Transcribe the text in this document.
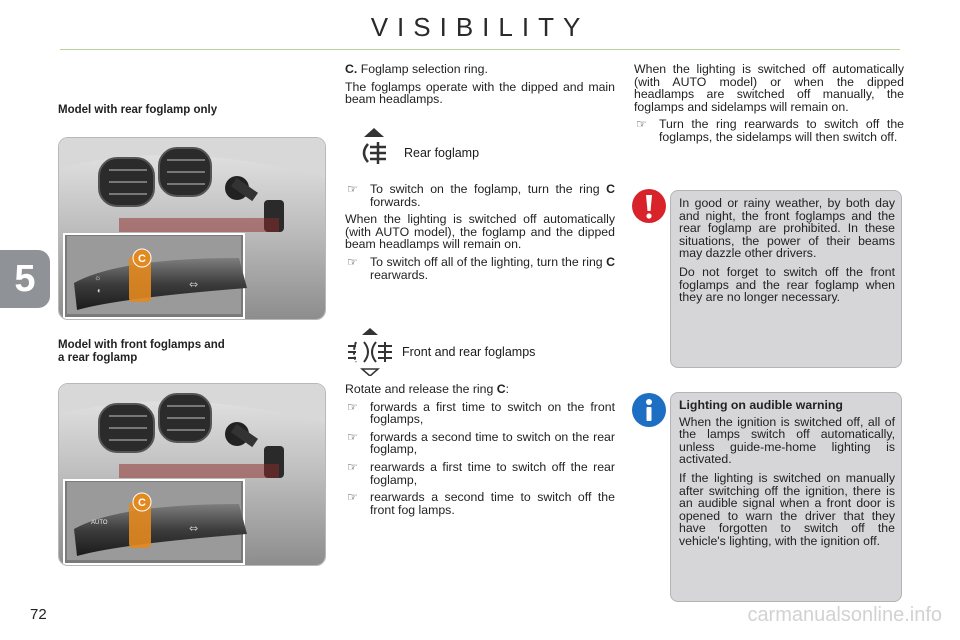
VISIBILITY
5
72	carmanualsonline.info
Model with rear foglamp only
C
☼
◐	⇔
Model with front foglamps and
a rear foglamp
C
AUTO	⇔

C. Foglamp selection ring.

The foglamps operate with the dipped and main beam headlamps.

Rear foglamp
☞ To switch on the foglamp, turn the ring C forwards.

When the lighting is switched off automatically (with AUTO model), the foglamp and the dipped beam headlamps will remain on.

☞ To switch off all of the lighting, turn the ring C rearwards.
Front and rear foglamps

Rotate and release the ring C:

☞ forwards a first time to switch on the front foglamps,
☞ forwards a second time to switch on the rear foglamp,
☞ rearwards a first time to switch off the rear foglamp,
☞ rearwards a second time to switch off the front fog lamps.

When the lighting is switched off automatically (with AUTO model) or when the dipped headlamps are switched off manually, the foglamps and sidelamps will remain on.

☞ Turn the ring rearwards to switch off the foglamps, the sidelamps will then switch off.

In good or rainy weather, by both day and night, the front foglamps and the rear foglamp are prohibited. In these situations, the power of their beams may dazzle other drivers.

Do not forget to switch off the front foglamps and the rear foglamp when they are no longer necessary.

Lighting on audible warning

When the ignition is switched off, all of the lamps switch off automatically, unless guide-me-home lighting is activated.

If the lighting is switched on manually after switching off the ignition, there is an audible signal when a front door is opened to warn the driver that they have forgotten to switch off the vehicle's lighting, with the ignition off.
